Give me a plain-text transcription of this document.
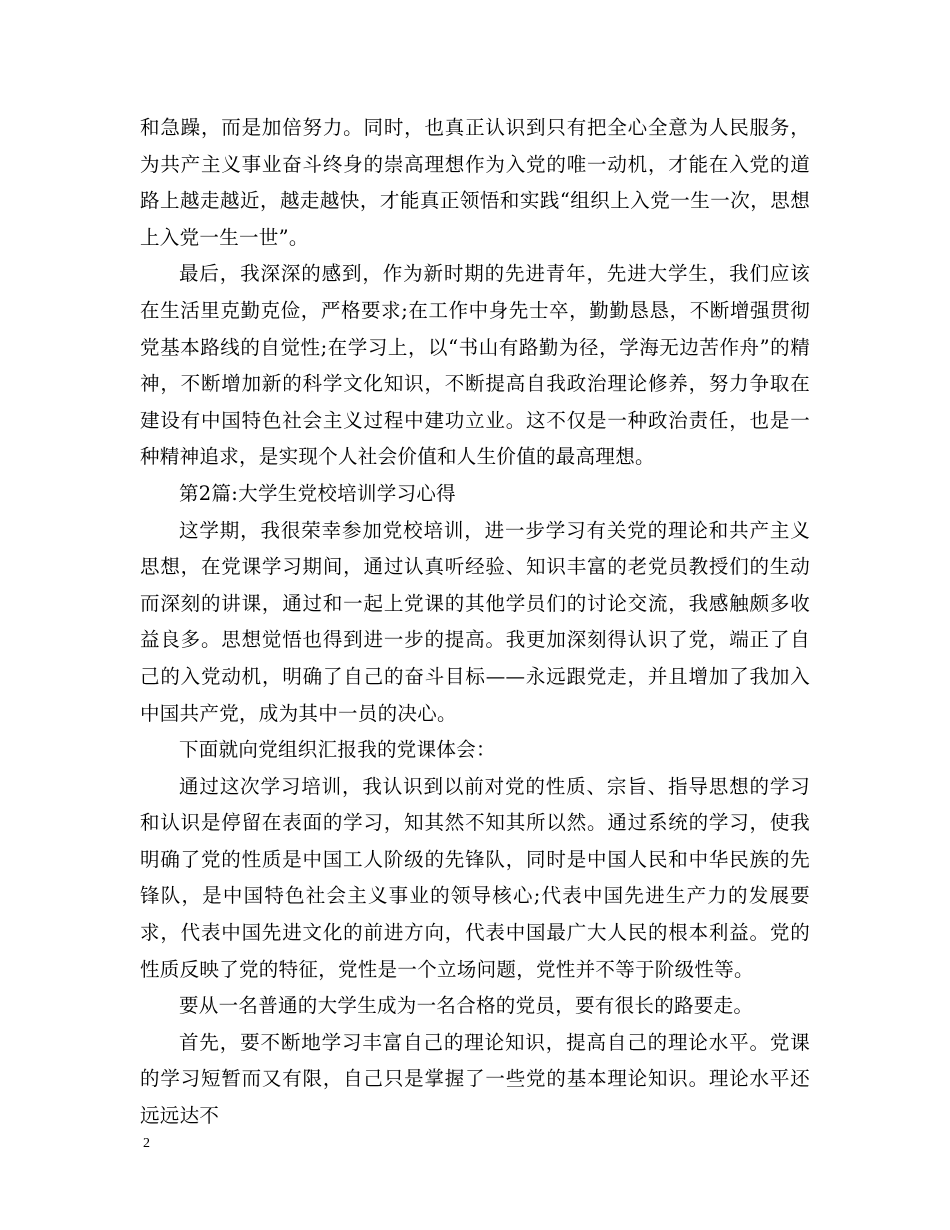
和急躁，而是加倍努力。同时，也真正认识到只有把全心全意为人民服务，为共产主义事业奋斗终身的崇高理想作为入党的唯一动机，才能在入党的道路上越走越近，越走越快，才能真正领悟和实践“组织上入党一生一次，思想上入党一生一世”。

最后，我深深的感到，作为新时期的先进青年，先进大学生，我们应该在生活里克勤克俭，严格要求;在工作中身先士卒，勤勤恳恳，不断增强贯彻党基本路线的自觉性;在学习上，以“书山有路勤为径，学海无边苦作舟”的精神，不断增加新的科学文化知识，不断提高自我政治理论修养，努力争取在建设有中国特色社会主义过程中建功立业。这不仅是一种政治责任，也是一种精神追求，是实现个人社会价值和人生价值的最高理想。

第2篇:大学生党校培训学习心得

这学期，我很荣幸参加党校培训，进一步学习有关党的理论和共产主义思想，在党课学习期间，通过认真听经验、知识丰富的老党员教授们的生动而深刻的讲课，通过和一起上党课的其他学员们的讨论交流，我感触颇多收益良多。思想觉悟也得到进一步的提高。我更加深刻得认识了党，端正了自己的入党动机，明确了自己的奋斗目标——永远跟党走，并且增加了我加入中国共产党，成为其中一员的决心。

下面就向党组织汇报我的党课体会：

通过这次学习培训，我认识到以前对党的性质、宗旨、指导思想的学习和认识是停留在表面的学习，知其然不知其所以然。通过系统的学习，使我明确了党的性质是中国工人阶级的先锋队，同时是中国人民和中华民族的先锋队，是中国特色社会主义事业的领导核心;代表中国先进生产力的发展要求，代表中国先进文化的前进方向，代表中国最广大人民的根本利益。党的性质反映了党的特征，党性是一个立场问题，党性并不等于阶级性等。

要从一名普通的大学生成为一名合格的党员，要有很长的路要走。

首先，要不断地学习丰富自己的理论知识，提高自己的理论水平。党课的学习短暂而又有限，自己只是掌握了一些党的基本理论知识。理论水平还远远达不

2
